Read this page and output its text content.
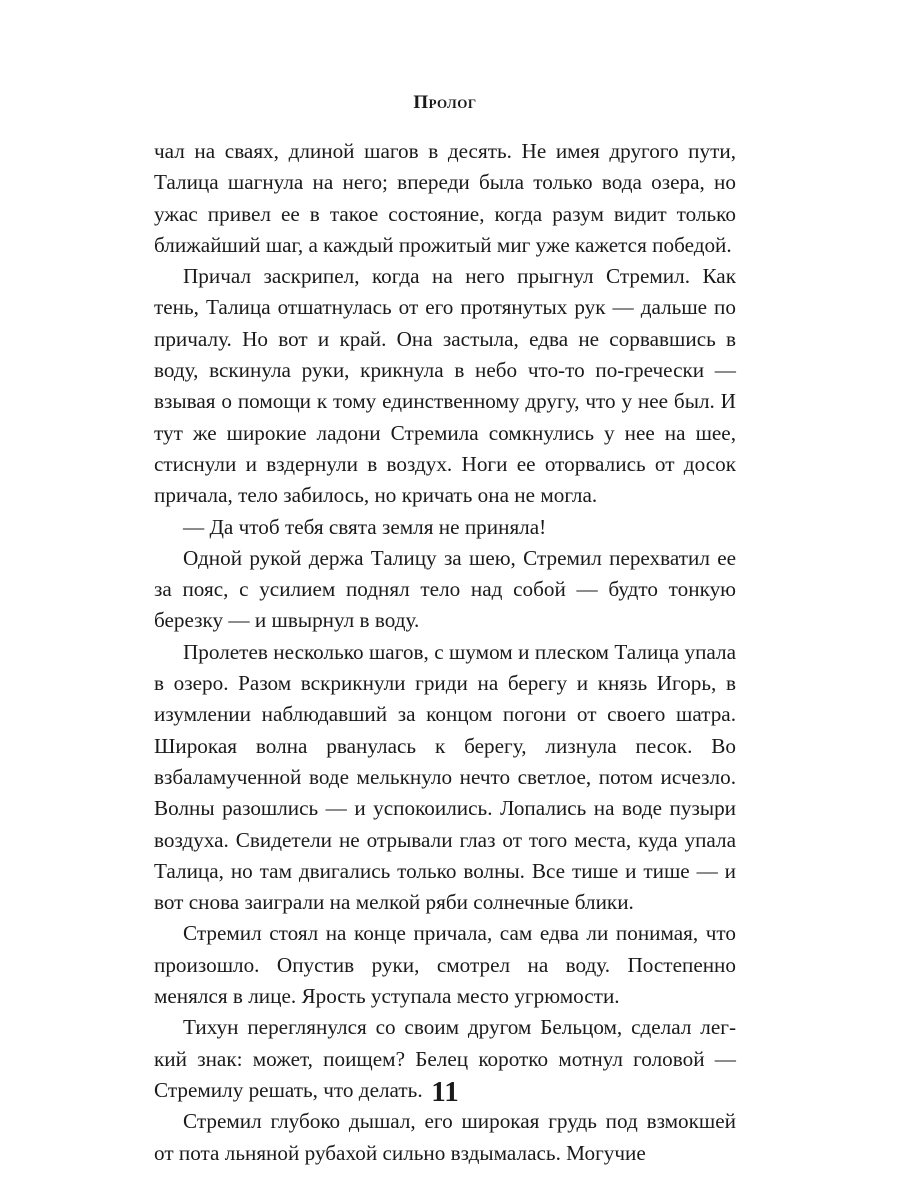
Пролог

чал на сваях, длиной шагов в десять. Не имея другого пути, Талица шагнула на него; впереди была только вода озера, но ужас привел ее в такое состояние, когда разум видит только ближайший шаг, а каждый прожитый миг уже кажется победой.

Причал заскрипел, когда на него прыгнул Стремил. Как тень, Талица отшатнулась от его протянутых рук — дальше по причалу. Но вот и край. Она застыла, едва не сорвавшись в воду, вскинула руки, крикнула в небо что-то по-гречески — взывая о помощи к тому единственному другу, что у нее был. И тут же широкие ладони Стремила сомкнулись у нее на шее, стиснули и вздернули в воздух. Ноги ее оторвались от досок причала, тело забилось, но кричать она не могла.

— Да чтоб тебя свята земля не приняла!

Одной рукой держа Талицу за шею, Стремил перехватил ее за пояс, с усилием поднял тело над собой — будто тонкую березку — и швырнул в воду.

Пролетев несколько шагов, с шумом и плеском Талица упала в озеро. Разом вскрикнули гриди на берегу и князь Игорь, в изумлении наблюдавший за концом погони от своего шатра. Широкая волна рванулась к берегу, лизнула песок. Во взбаламученной воде мелькнуло нечто светлое, потом исчезло. Волны разошлись — и успокоились. Лопались на воде пузыри воздуха. Свидетели не отрывали глаз от того места, куда упала Талица, но там двигались только волны. Все тише и тише — и вот снова заиграли на мелкой ряби солнечные блики.

Стремил стоял на конце причала, сам едва ли понимая, что произошло. Опустив руки, смотрел на воду. Постепенно менялся в лице. Ярость уступала место угрюмости.

Тихун переглянулся со своим другом Бельцом, сделал легкий знак: может, поищем? Белец коротко мотнул головой — Стремилу решать, что делать.

Стремил глубоко дышал, его широкая грудь под взмокшей от пота льняной рубахой сильно вздымалась. Могучие

11
